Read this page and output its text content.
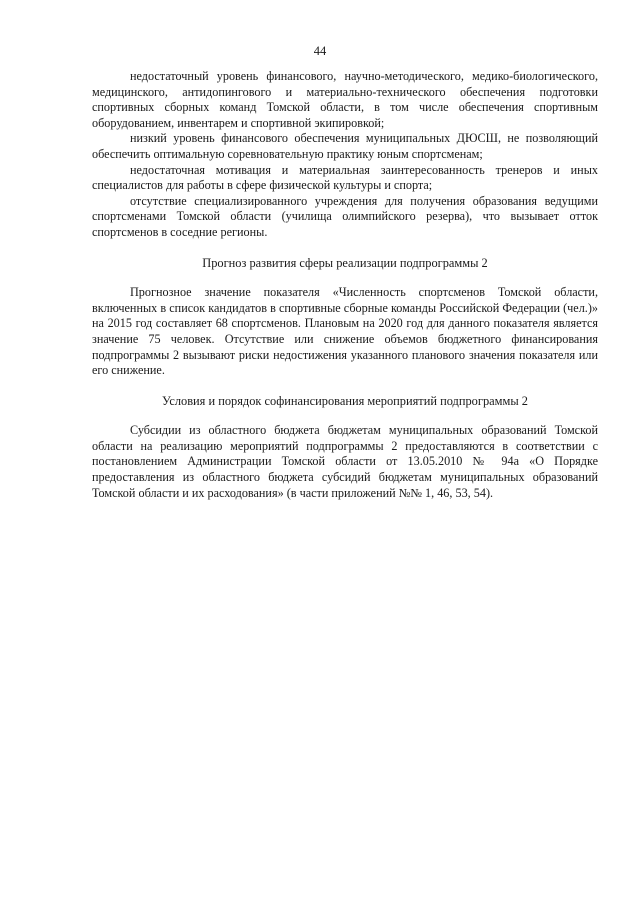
44

недостаточный уровень финансового, научно-методического, медико-биологического, медицинского, антидопингового и материально-технического обеспечения подготовки спортивных сборных команд Томской области, в том числе обеспечения спортивным оборудованием, инвентарем и спортивной экипировкой;

низкий уровень финансового обеспечения муниципальных ДЮСШ, не позволяющий обеспечить оптимальную соревновательную практику юным спортсменам;

недостаточная мотивация и материальная заинтересованность тренеров и иных специалистов для работы в сфере физической культуры и спорта;

отсутствие специализированного учреждения для получения образования ведущими спортсменами Томской области (училища олимпийского резерва), что вызывает отток спортсменов в соседние регионы.

Прогноз развития сферы реализации подпрограммы 2

Прогнозное значение показателя «Численность спортсменов Томской области, включенных в список кандидатов в спортивные сборные команды Российской Федерации (чел.)» на 2015 год составляет 68 спортсменов. Плановым на 2020 год для данного показателя является значение 75 человек. Отсутствие или снижение объемов бюджетного финансирования подпрограммы 2 вызывают риски недостижения указанного планового значения показателя или его снижение.

Условия и порядок софинансирования мероприятий подпрограммы 2

Субсидии из областного бюджета бюджетам муниципальных образований Томской области на реализацию мероприятий подпрограммы 2 предоставляются в соответствии с постановлением Администрации Томской области от 13.05.2010 № 94а «О Порядке предоставления из областного бюджета субсидий бюджетам муниципальных образований Томской области и их расходования» (в части приложений №№ 1, 46, 53, 54).
